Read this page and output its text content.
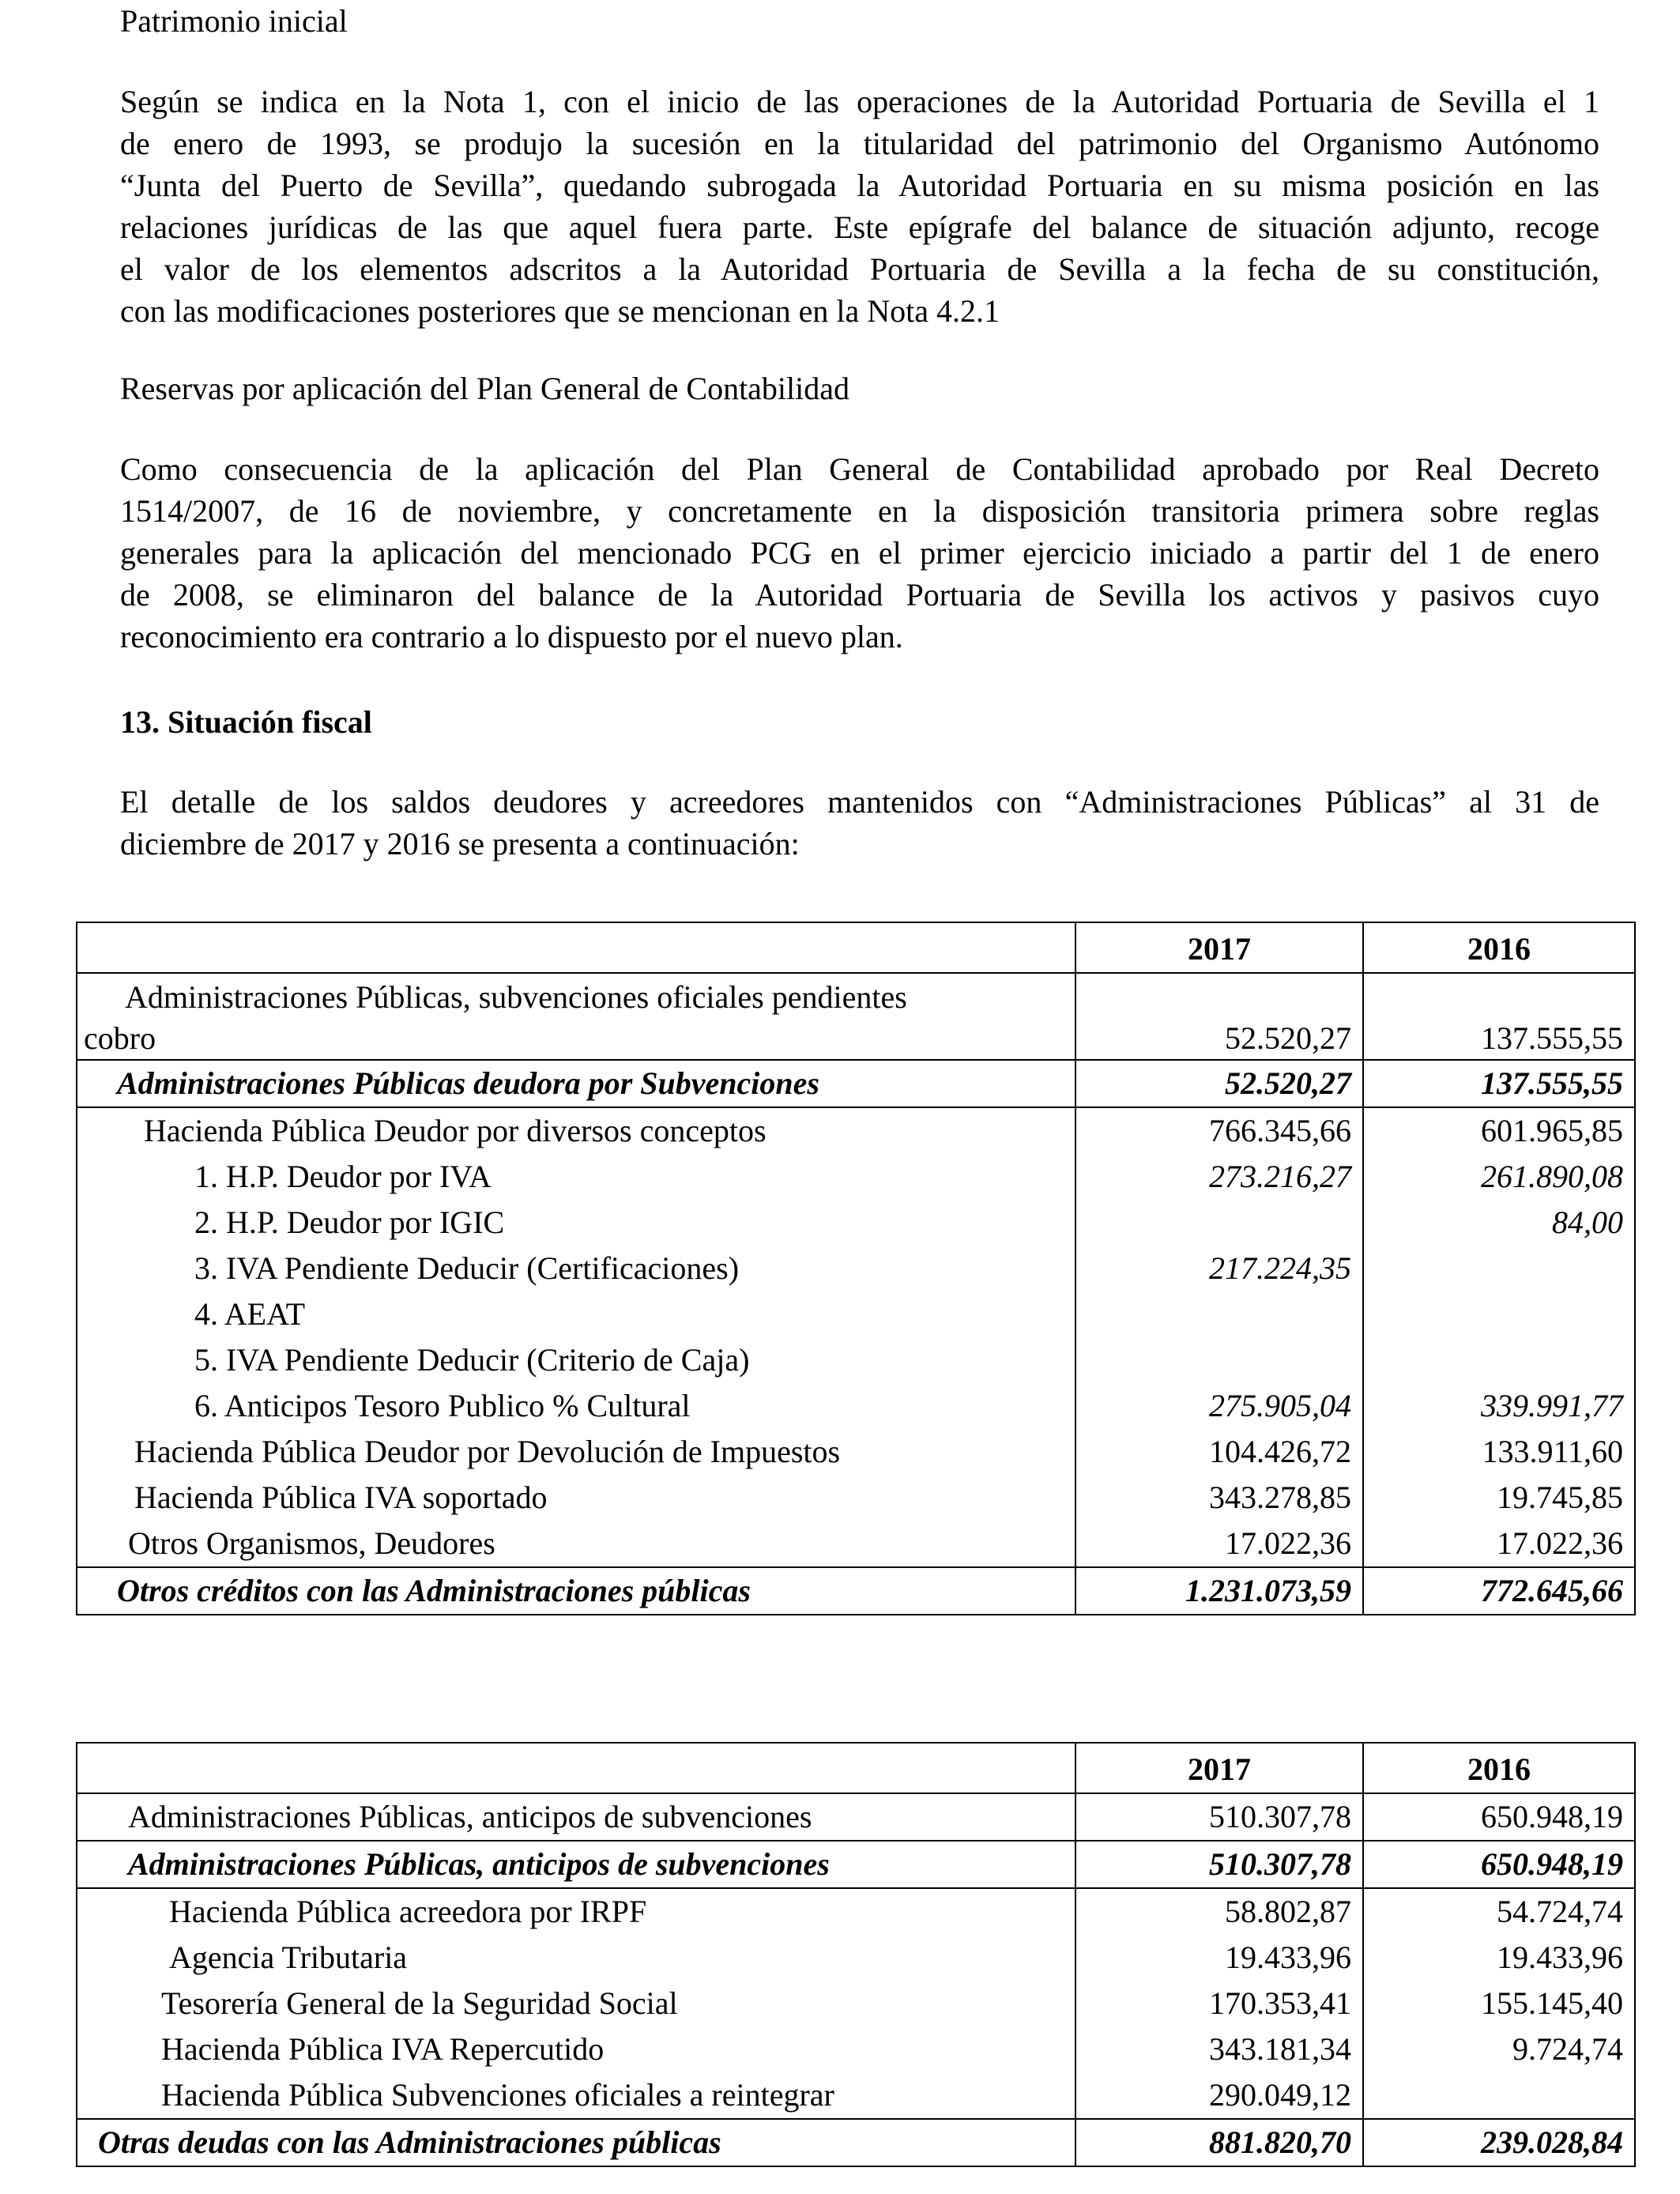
Patrimonio inicial

Según se indica en la Nota 1, con el inicio de las operaciones de la Autoridad Portuaria de Sevilla el 1
de enero de 1993, se produjo la sucesión en la titularidad del patrimonio del Organismo Autónomo
“Junta del Puerto de Sevilla”, quedando subrogada la Autoridad Portuaria en su misma posición en las
relaciones jurídicas de las que aquel fuera parte. Este epígrafe del balance de situación adjunto, recoge
el valor de los elementos adscritos a la Autoridad Portuaria de Sevilla a la fecha de su constitución,
con las modificaciones posteriores que se mencionan en la Nota 4.2.1

Reservas por aplicación del Plan General de Contabilidad

Como consecuencia de la aplicación del Plan General de Contabilidad aprobado por Real Decreto
1514/2007, de 16 de noviembre, y concretamente en la disposición transitoria primera sobre reglas
generales para la aplicación del mencionado PCG en el primer ejercicio iniciado a partir del 1 de enero
de 2008, se eliminaron del balance de la Autoridad Portuaria de Sevilla los activos y pasivos cuyo
reconocimiento era contrario a lo dispuesto por el nuevo plan.

13. Situación fiscal

El detalle de los saldos deudores y acreedores mantenidos con “Administraciones Públicas” al 31 de
diciembre de 2017 y 2016 se presenta a continuación:
	2017	2016

Administraciones Públicas, subvenciones oficiales pendientes
cobro	52.520,27	137.555,55
Administraciones Públicas deudora por Subvenciones	52.520,27	137.555,55
Hacienda Pública Deudor por diversos conceptos	766.345,66	601.965,85
1. H.P. Deudor por IVA	273.216,27	261.890,08
2. H.P. Deudor por IGIC		84,00
3. IVA Pendiente Deducir (Certificaciones)	217.224,35	
4. AEAT		
5. IVA Pendiente Deducir (Criterio de Caja)		
6. Anticipos Tesoro Publico % Cultural	275.905,04	339.991,77
Hacienda Pública Deudor por Devolución de Impuestos	104.426,72	133.911,60
Hacienda Pública IVA soportado	343.278,85	19.745,85
Otros Organismos, Deudores	17.022,36	17.022,36
Otros créditos con las Administraciones públicas	1.231.073,59	772.645,66
	2017	2016
Administraciones Públicas, anticipos de subvenciones	510.307,78	650.948,19
Administraciones Públicas, anticipos de subvenciones	510.307,78	650.948,19
Hacienda Pública acreedora por IRPF	58.802,87	54.724,74
Agencia Tributaria	19.433,96	19.433,96
Tesorería General de la Seguridad Social	170.353,41	155.145,40
Hacienda Pública IVA Repercutido	343.181,34	9.724,74
Hacienda Pública Subvenciones oficiales a reintegrar	290.049,12	
Otras deudas con las Administraciones públicas	881.820,70	239.028,84
